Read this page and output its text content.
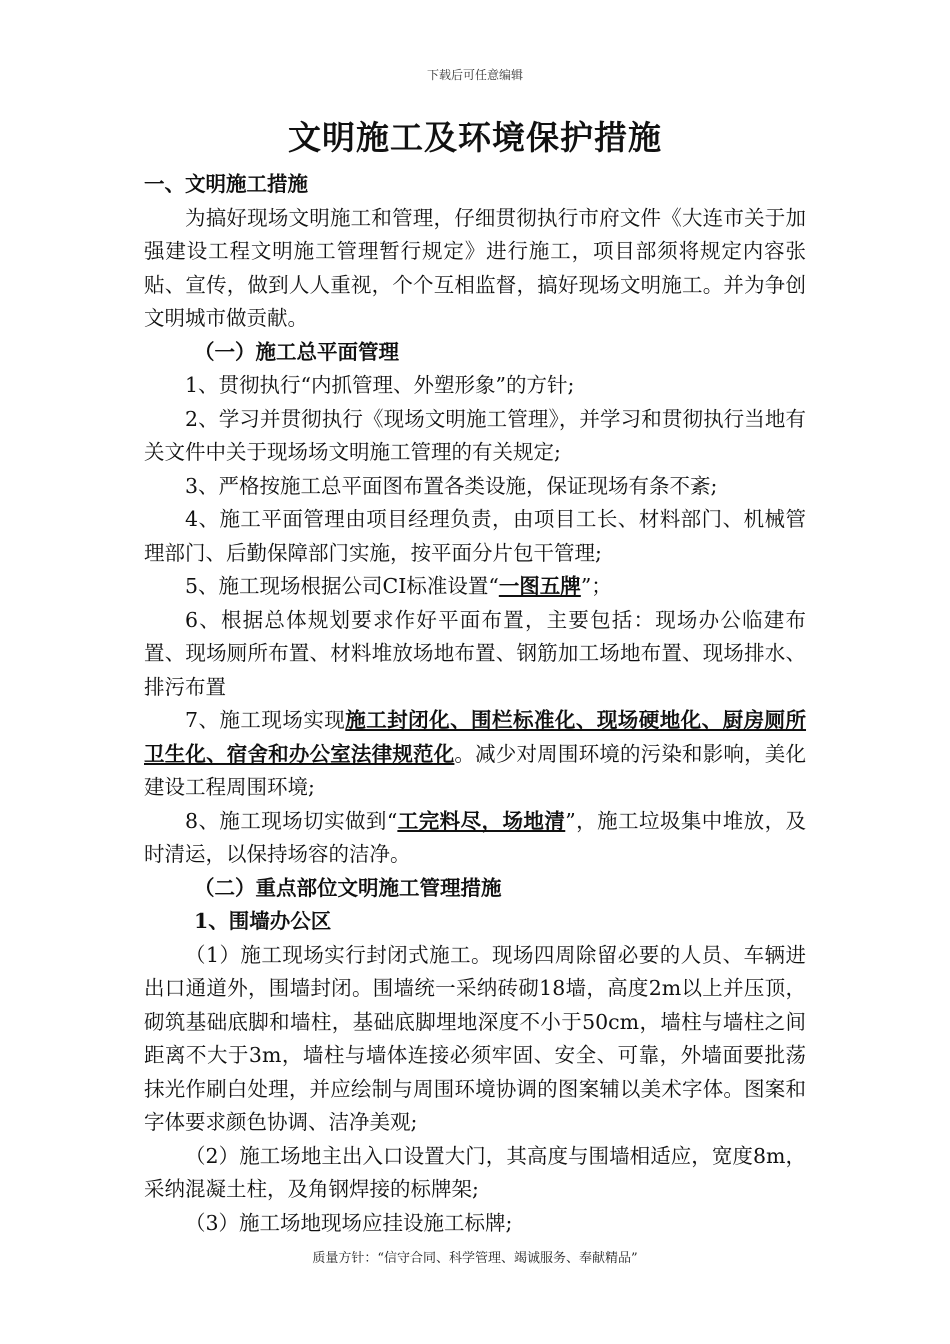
下载后可任意编辑
文明施工及环境保护措施

一、文明施工措施

为搞好现场文明施工和管理，仔细贯彻执行市府文件《大连市关于加强建设工程文明施工管理暂行规定》进行施工，项目部须将规定内容张贴、宣传，做到人人重视，个个互相监督，搞好现场文明施工。并为争创文明城市做贡献。

（一）施工总平面管理

1、贯彻执行“内抓管理、外塑形象”的方针;

2、学习并贯彻执行《现场文明施工管理》，并学习和贯彻执行当地有关文件中关于现场场文明施工管理的有关规定;

3、严格按施工总平面图布置各类设施，保证现场有条不紊;

4、施工平面管理由项目经理负责，由项目工长、材料部门、机械管理部门、后勤保障部门实施，按平面分片包干管理;

5、施工现场根据公司CI标准设置“一图五牌”；

6、根据总体规划要求作好平面布置，主要包括：现场办公临建布置、现场厕所布置、材料堆放场地布置、钢筋加工场地布置、现场排水、排污布置

7、施工现场实现施工封闭化、围栏标准化、现场硬地化、厨房厕所卫生化、宿舍和办公室法律规范化。减少对周围环境的污染和影响，美化建设工程周围环境;

8、施工现场切实做到“工完料尽，场地清”，施工垃圾集中堆放，及时清运，以保持场容的洁净。

（二）重点部位文明施工管理措施

1、围墙办公区

（1）施工现场实行封闭式施工。现场四周除留必要的人员、车辆进出口通道外，围墙封闭。围墙统一采纳砖砌18墙，高度2m以上并压顶，砌筑基础底脚和墙柱，基础底脚埋地深度不小于50cm，墙柱与墙柱之间距离不大于3m，墙柱与墙体连接必须牢固、安全、可靠，外墙面要批荡抹光作刷白处理，并应绘制与周围环境协调的图案辅以美术字体。图案和字体要求颜色协调、洁净美观;

（2）施工场地主出入口设置大门，其高度与围墙相适应，宽度8m，采纳混凝土柱，及角钢焊接的标牌架;

（3）施工场地现场应挂设施工标牌;

质量方针：“信守合同、科学管理、竭诚服务、奉献精品”
